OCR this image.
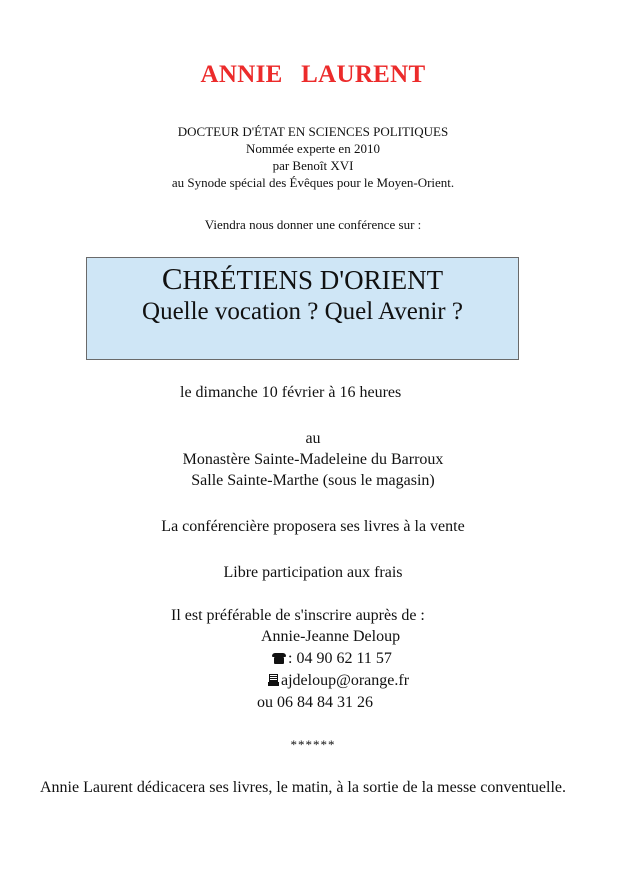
ANNIE LAURENT
DOCTEUR D'ÉTAT EN SCIENCES POLITIQUES
Nommée experte en 2010
par Benoît XVI
au Synode spécial des Évêques pour le Moyen-Orient.
Viendra nous donner une conférence sur :
CHRÉTIENS D'ORIENT
Quelle vocation ? Quel Avenir ?
le dimanche 10 février à 16 heures
au
Monastère Sainte-Madeleine du Barroux
Salle Sainte-Marthe (sous le magasin)
La conférencière proposera ses livres à la vente
Libre participation aux frais
Il est préférable de s'inscrire auprès de :
Annie-Jeanne Deloup
: 04 90 62 11 57
ajdeloup@orange.fr
ou 06 84 84 31 26
******
Annie Laurent dédicacera ses livres, le matin, à la sortie de la messe conventuelle.
